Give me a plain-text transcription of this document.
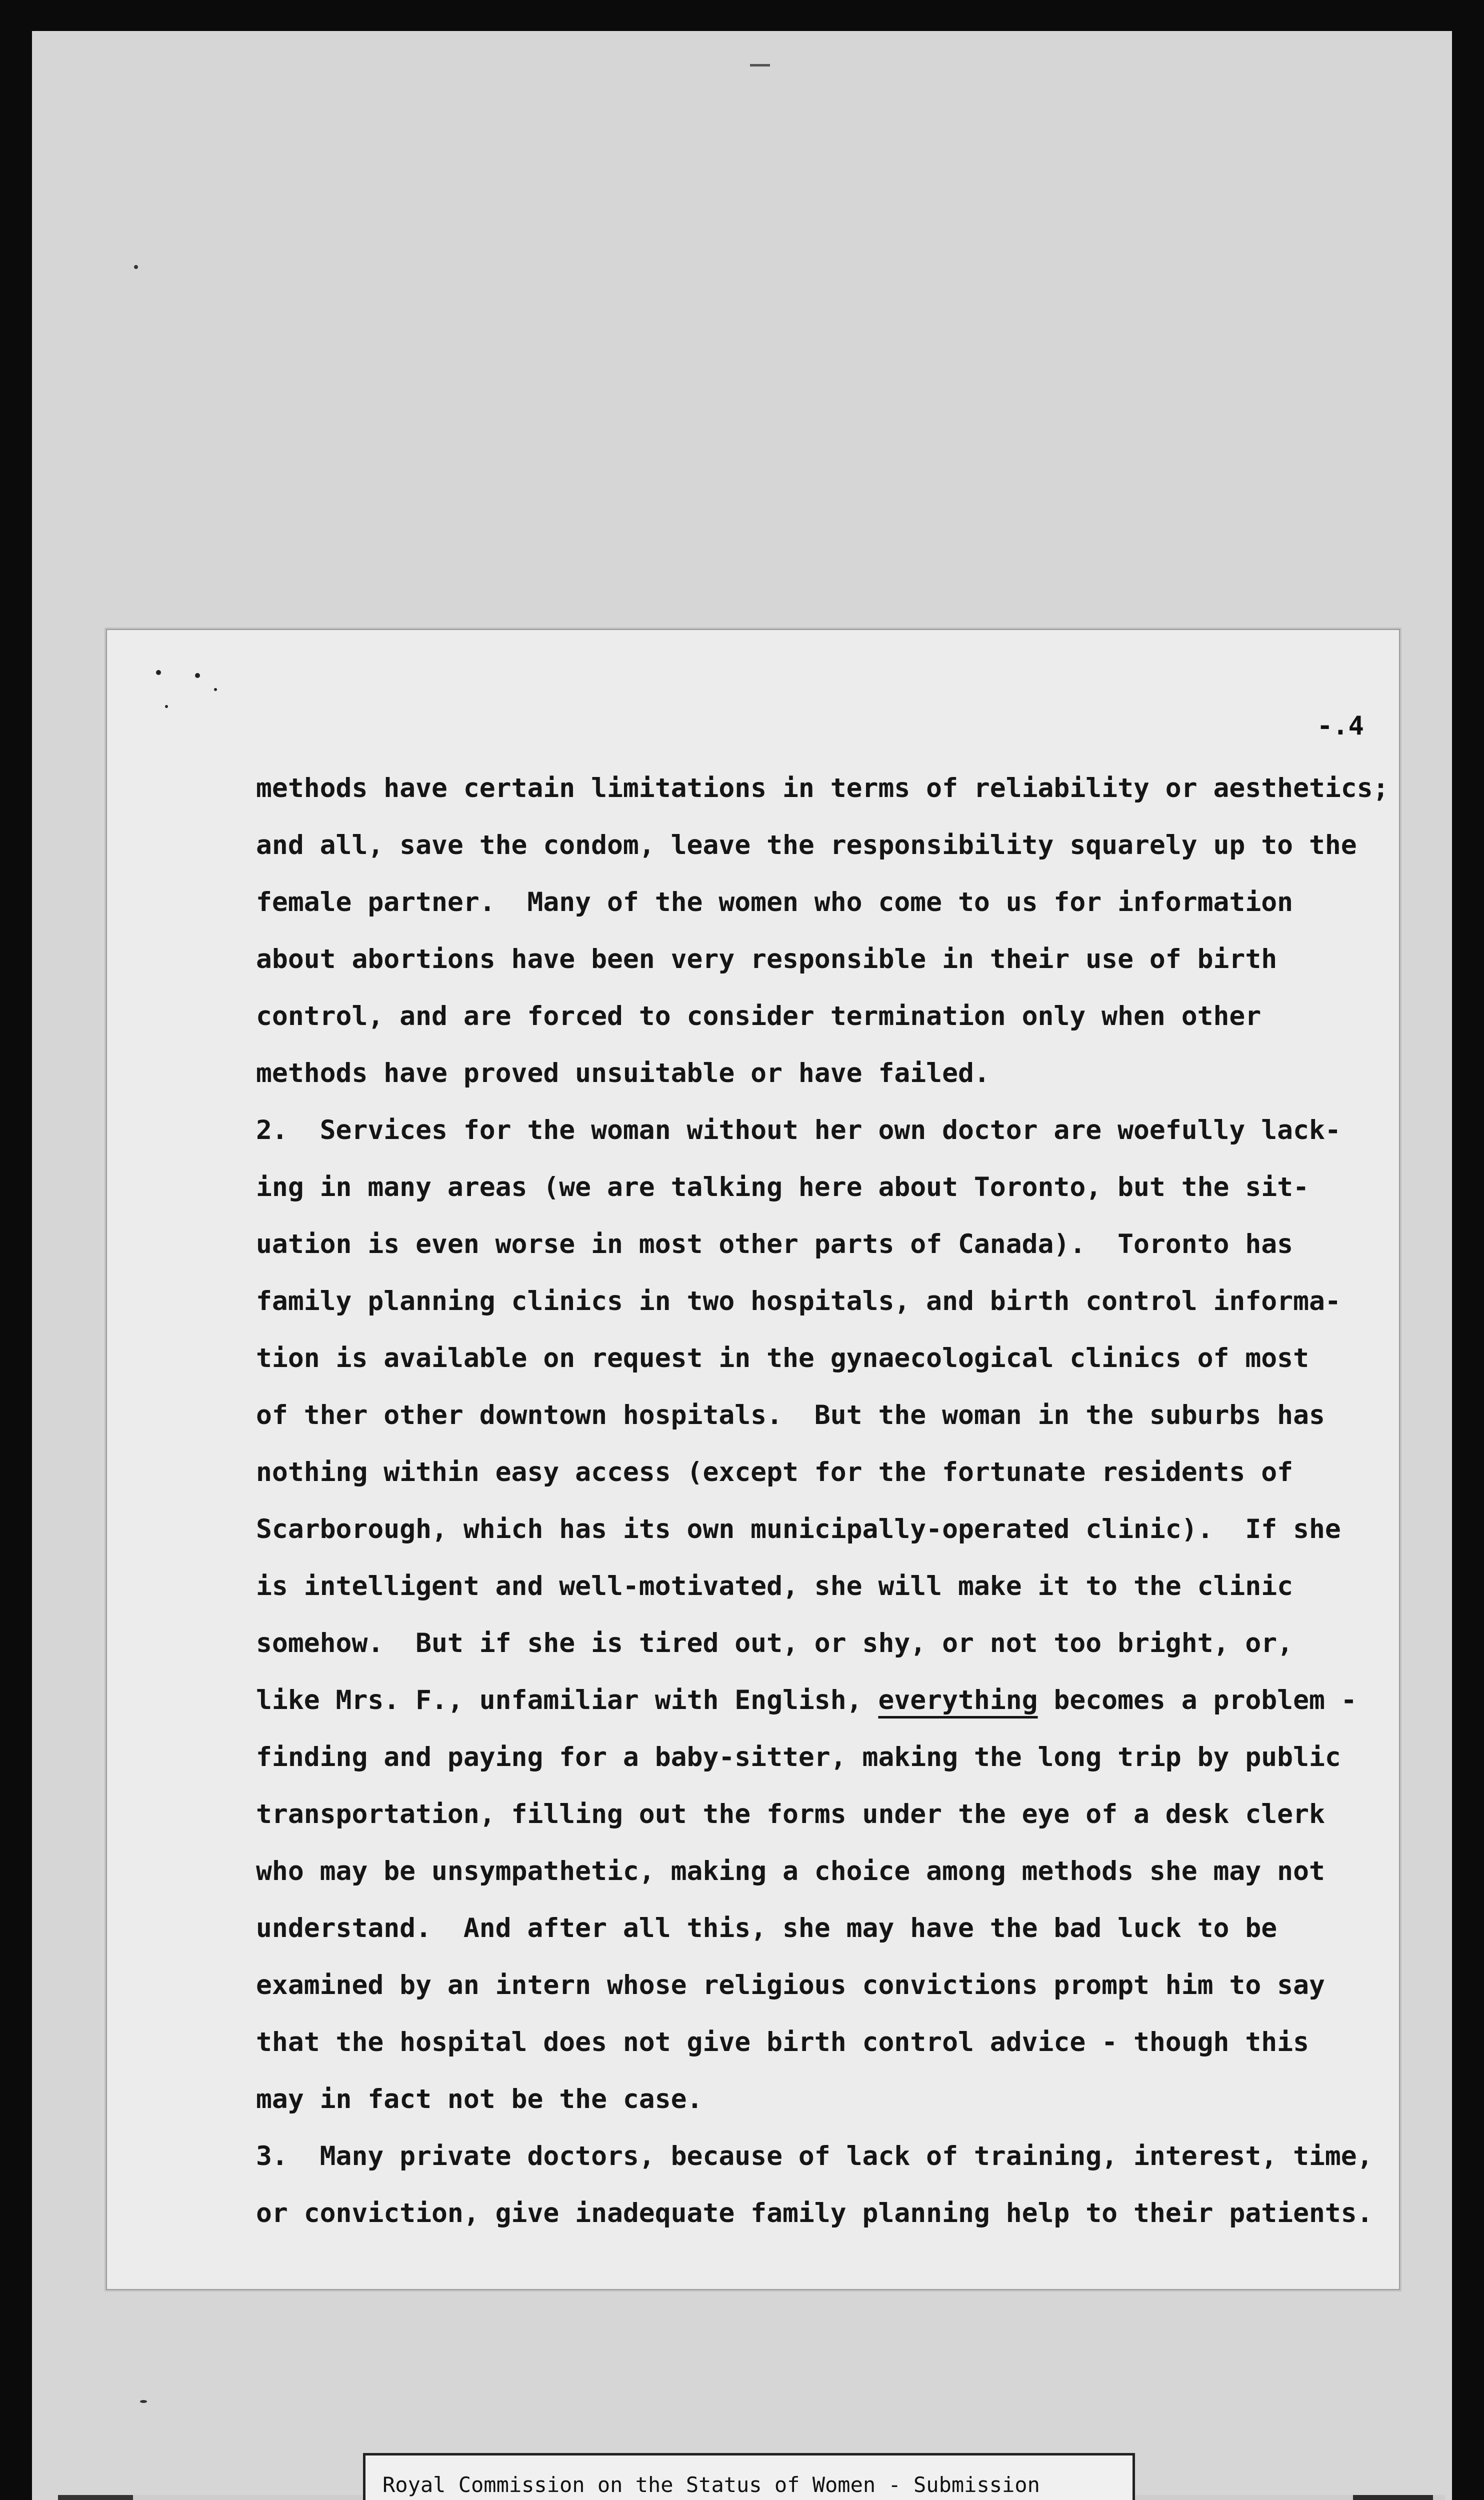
-.4
methods have certain limitations in terms of reliability or aesthetics;
and all, save the condom, leave the responsibility squarely up to the
female partner.  Many of the women who come to us for information
about abortions have been very responsible in their use of birth
control, and are forced to consider termination only when other
methods have proved unsuitable or have failed.
2.  Services for the woman without her own doctor are woefully lack-
ing in many areas (we are talking here about Toronto, but the sit-
uation is even worse in most other parts of Canada).  Toronto has
family planning clinics in two hospitals, and birth control informa-
tion is available on request in the gynaecological clinics of most
of ther other downtown hospitals.  But the woman in the suburbs has
nothing within easy access (except for the fortunate residents of
Scarborough, which has its own municipally-operated clinic).  If she
is intelligent and well-motivated, she will make it to the clinic
somehow.  But if she is tired out, or shy, or not too bright, or,
like Mrs. F., unfamiliar with English, everything becomes a problem -
finding and paying for a baby-sitter, making the long trip by public
transportation, filling out the forms under the eye of a desk clerk
who may be unsympathetic, making a choice among methods she may not
understand.  And after all this, she may have the bad luck to be
examined by an intern whose religious convictions prompt him to say
that the hospital does not give birth control advice - though this
may in fact not be the case.
3.  Many private doctors, because of lack of training, interest, time,
or conviction, give inadequate family planning help to their patients.
Royal Commission on the Status of Women - Submission
